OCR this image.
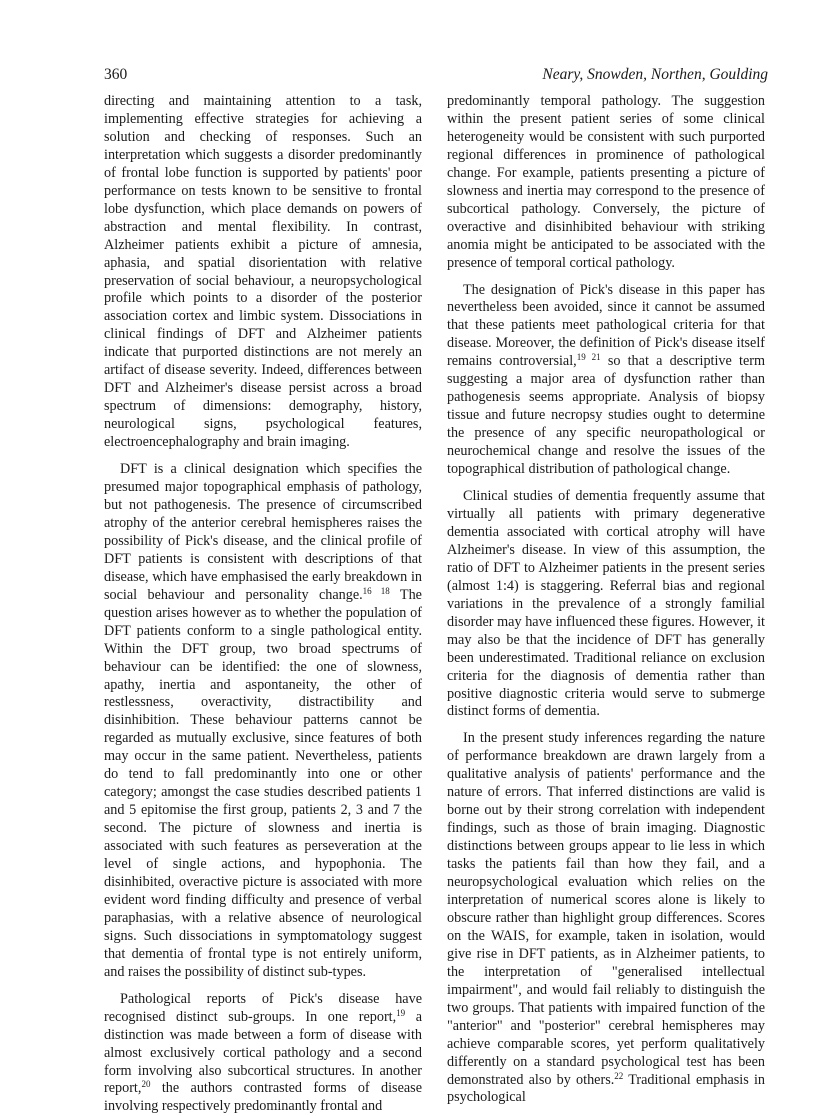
360	Neary, Snowden, Northen, Goulding

directing and maintaining attention to a task, implementing effective strategies for achieving a solution and checking of responses. Such an interpretation which suggests a disorder predominantly of frontal lobe function is supported by patients' poor performance on tests known to be sensitive to frontal lobe dysfunction, which place demands on powers of abstraction and mental flexibility. In contrast, Alzheimer patients exhibit a picture of amnesia, aphasia, and spatial disorientation with relative preservation of social behaviour, a neuropsychological profile which points to a disorder of the posterior association cortex and limbic system. Dissociations in clinical findings of DFT and Alzheimer patients indicate that purported distinctions are not merely an artifact of disease severity. Indeed, differences between DFT and Alzheimer's disease persist across a broad spectrum of dimensions: demography, history, neurological signs, psychological features, electroencephalography and brain imaging.

DFT is a clinical designation which specifies the presumed major topographical emphasis of pathology, but not pathogenesis. The presence of circumscribed atrophy of the anterior cerebral hemispheres raises the possibility of Pick's disease, and the clinical profile of DFT patients is consistent with descriptions of that disease, which have emphasised the early breakdown in social behaviour and personality change.$^{16 18}$ The question arises however as to whether the population of DFT patients conform to a single pathological entity. Within the DFT group, two broad spectrums of behaviour can be identified: the one of slowness, apathy, inertia and aspontaneity, the other of restlessness, overactivity, distractibility and disinhibition. These behaviour patterns cannot be regarded as mutually exclusive, since features of both may occur in the same patient. Nevertheless, patients do tend to fall predominantly into one or other category; amongst the case studies described patients 1 and 5 epitomise the first group, patients 2, 3 and 7 the second. The picture of slowness and inertia is associated with such features as perseveration at the level of single actions, and hypophonia. The disinhibited, overactive picture is associated with more evident word finding difficulty and presence of verbal paraphasias, with a relative absence of neurological signs. Such dissociations in symptomatology suggest that dementia of frontal type is not entirely uniform, and raises the possibility of distinct sub-types.

Pathological reports of Pick's disease have recognised distinct sub-groups. In one report,$^{19}$ a distinction was made between a form of disease with almost exclusively cortical pathology and a second form involving also subcortical structures. In another report,$^{20}$ the authors contrasted forms of disease involving respectively predominantly frontal and

predominantly temporal pathology. The suggestion within the present patient series of some clinical heterogeneity would be consistent with such purported regional differences in prominence of pathological change. For example, patients presenting a picture of slowness and inertia may correspond to the presence of subcortical pathology. Conversely, the picture of overactive and disinhibited behaviour with striking anomia might be anticipated to be associated with the presence of temporal cortical pathology.

The designation of Pick's disease in this paper has nevertheless been avoided, since it cannot be assumed that these patients meet pathological criteria for that disease. Moreover, the definition of Pick's disease itself remains controversial,$^{19 21}$ so that a descriptive term suggesting a major area of dysfunction rather than pathogenesis seems appropriate. Analysis of biopsy tissue and future necropsy studies ought to determine the presence of any specific neuropathological or neurochemical change and resolve the issues of the topographical distribution of pathological change.

Clinical studies of dementia frequently assume that virtually all patients with primary degenerative dementia associated with cortical atrophy will have Alzheimer's disease. In view of this assumption, the ratio of DFT to Alzheimer patients in the present series (almost 1:4) is staggering. Referral bias and regional variations in the prevalence of a strongly familial disorder may have influenced these figures. However, it may also be that the incidence of DFT has generally been underestimated. Traditional reliance on exclusion criteria for the diagnosis of dementia rather than positive diagnostic criteria would serve to submerge distinct forms of dementia.

In the present study inferences regarding the nature of performance breakdown are drawn largely from a qualitative analysis of patients' performance and the nature of errors. That inferred distinctions are valid is borne out by their strong correlation with independent findings, such as those of brain imaging. Diagnostic distinctions between groups appear to lie less in which tasks the patients fail than how they fail, and a neuropsychological evaluation which relies on the interpretation of numerical scores alone is likely to obscure rather than highlight group differences. Scores on the WAIS, for example, taken in isolation, would give rise in DFT patients, as in Alzheimer patients, to the interpretation of "generalised intellectual impairment", and would fail reliably to distinguish the two groups. That patients with impaired function of the "anterior" and "posterior" cerebral hemispheres may achieve comparable scores, yet perform qualitatively differently on a standard psychological test has been demonstrated also by others.$^{22}$ Traditional emphasis in psychological
